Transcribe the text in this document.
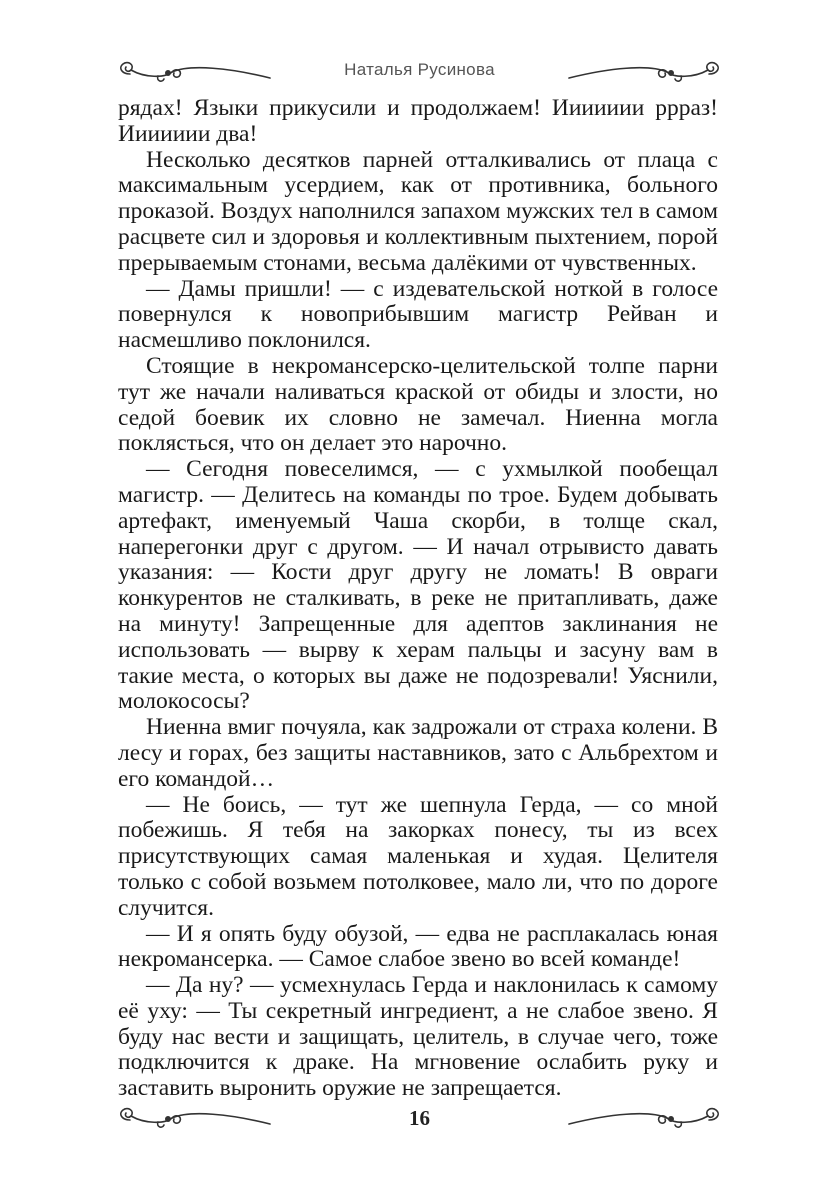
Наталья Русинова

рядах! Языки прикусили и продолжаем! Иииииии ррраз! Иииииии два!

Несколько десятков парней отталкивались от плаца с максимальным усердием, как от противника, больного проказой. Воздух наполнился запахом мужских тел в самом расцвете сил и здоровья и коллективным пыхтением, порой прерываемым стонами, весьма далёкими от чувственных.

— Дамы пришли! — с издевательской ноткой в голосе повернулся к новоприбывшим магистр Рейван и насмешливо поклонился.

Стоящие в некромансерско-целительской толпе парни тут же начали наливаться краской от обиды и злости, но седой боевик их словно не замечал. Ниенна могла поклясться, что он делает это нарочно.

— Сегодня повеселимся, — с ухмылкой пообещал магистр. — Делитесь на команды по трое. Будем добывать артефакт, именуемый Чаша скорби, в толще скал, наперегонки друг с другом. — И начал отрывисто давать указания: — Кости друг другу не ломать! В овраги конкурентов не сталкивать, в реке не притапливать, даже на минуту! Запрещенные для адептов заклинания не использовать — вырву к херам пальцы и засуну вам в такие места, о которых вы даже не подозревали! Уяснили, молокососы?

Ниенна вмиг почуяла, как задрожали от страха колени. В лесу и горах, без защиты наставников, зато с Альбрехтом и его командой…

— Не боись, — тут же шепнула Герда, — со мной побежишь. Я тебя на закорках понесу, ты из всех присутствующих самая маленькая и худая. Целителя только с собой возьмем потолковее, мало ли, что по дороге случится.

— И я опять буду обузой, — едва не расплакалась юная некромансерка. — Самое слабое звено во всей команде!

— Да ну? — усмехнулась Герда и наклонилась к самому её уху: — Ты секретный ингредиент, а не слабое звено. Я буду нас вести и защищать, целитель, в случае чего, тоже подключится к драке. На мгновение ослабить руку и заставить выронить оружие не запрещается.

16
